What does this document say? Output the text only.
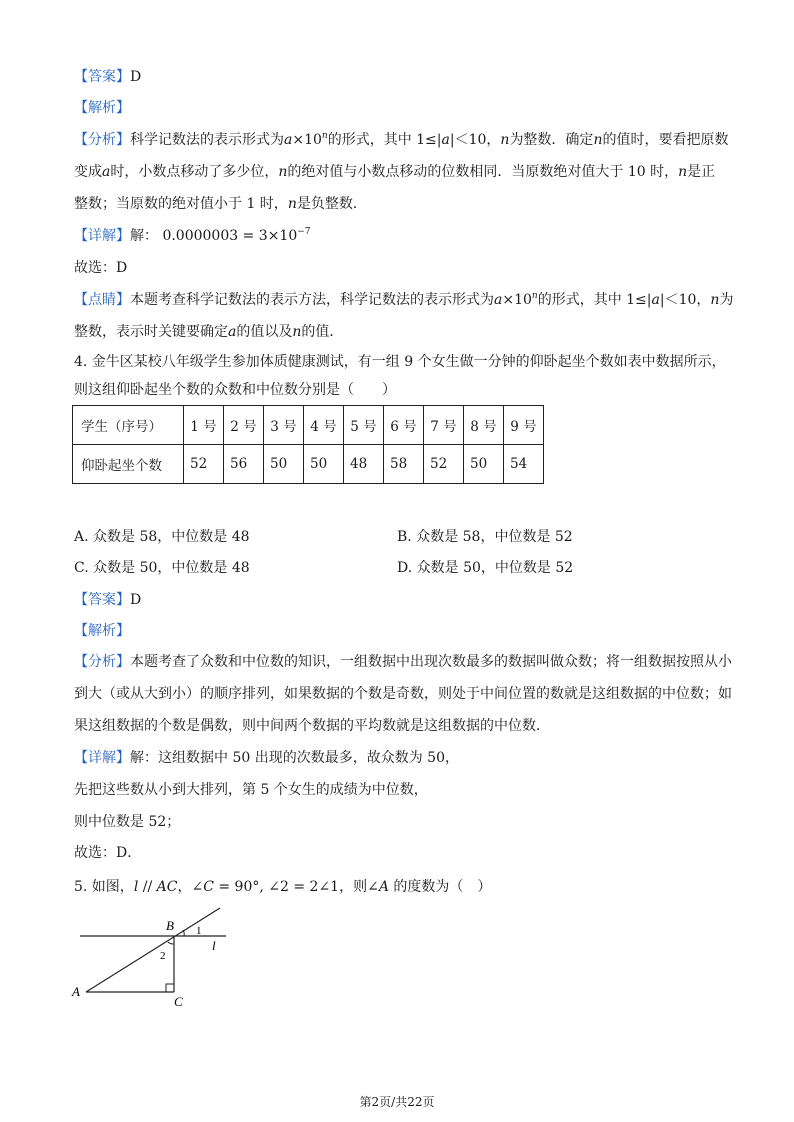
【答案】D
【解析】
【分析】科学记数法的表示形式为$a\times 10^n$的形式，其中 1≤|a|＜10，n为整数．确定n的值时，要看把原数
变成a时，小数点移动了多少位，n的绝对值与小数点移动的位数相同．当原数绝对值大于 10 时，n是正
整数；当原数的绝对值小于 1 时，n是负整数．
【详解】解： $0.0000003 = 3\times 10^{-7}$
故选：D
【点睛】本题考查科学记数法的表示方法，科学记数法的表示形式为$a\times 10^n$的形式，其中 1≤|a|＜10，n为
整数，表示时关键要确定a的值以及n的值．
4. 金牛区某校八年级学生参加体质健康测试，有一组 9 个女生做一分钟的仰卧起坐个数如表中数据所示，
则这组仰卧起坐个数的众数和中位数分别是（　　）
学生（序号）	1 号	2 号	3 号	4 号	5 号	6 号	7 号	8 号	9 号
仰卧起坐个数	52	56	50	50	48	58	52	50	54
A. 众数是 58，中位数是 48	B. 众数是 58，中位数是 52
C. 众数是 50，中位数是 48	D. 众数是 50，中位数是 52
【答案】D
【解析】
【分析】本题考查了众数和中位数的知识，一组数据中出现次数最多的数据叫做众数；将一组数据按照从小
到大（或从大到小）的顺序排列，如果数据的个数是奇数，则处于中间位置的数就是这组数据的中位数；如
果这组数据的个数是偶数，则中间两个数据的平均数就是这组数据的中位数．
【详解】解：这组数据中 50 出现的次数最多，故众数为 50，
先把这些数从小到大排列，第 5 个女生的成绩为中位数，
则中位数是 52；
故选：D．
5. 如图，l // AC，∠C = 90°, ∠2 = 2∠1，则∠A 的度数为（　）
B 1
l
2
A
C
第2页/共22页
